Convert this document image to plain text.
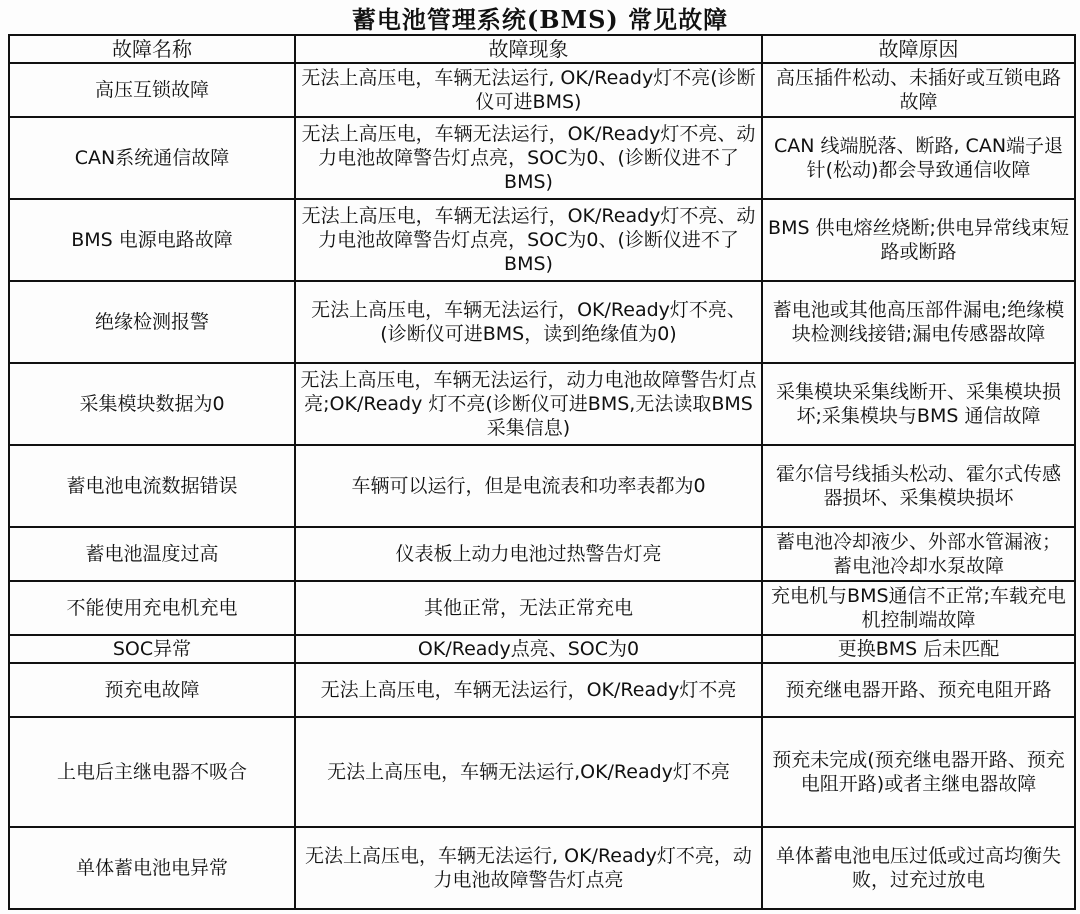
蓄电池管理系统(BMS) 常见故障
故障名称	故障现象	故障原因
高压互锁故障	无法上高压电，车辆无法运行, OK/Ready灯不亮(诊断仪可进BMS)	高压插件松动、未插好或互锁电路故障
CAN系统通信故障	无法上高压电，车辆无法运行，OK/Ready灯不亮、动力电池故障警告灯点亮，SOC为0、(诊断仪进不了BMS)	CAN 线端脱落、断路, CAN端子退针(松动)都会导致通信收障
BMS 电源电路故障	无法上高压电，车辆无法运行，OK/Ready灯不亮、动力电池故障警告灯点亮，SOC为0、(诊断仪进不了BMS)	BMS 供电熔丝烧断;供电异常线束短路或断路
绝缘检测报警	无法上高压电，车辆无法运行，OK/Ready灯不亮、(诊断仪可进BMS，读到绝缘值为0)	蓄电池或其他高压部件漏电;绝缘模块检测线接错;漏电传感器故障
采集模块数据为0	无法上高压电，车辆无法运行，动力电池故障警告灯点亮;OK/Ready 灯不亮(诊断仪可进BMS,无法读取BMS 采集信息)	采集模块采集线断开、采集模块损坏;采集模块与BMS 通信故障
蓄电池电流数据错误	车辆可以运行，但是电流表和功率表都为0	霍尔信号线插头松动、霍尔式传感器损坏、采集模块损坏
蓄电池温度过高	仪表板上动力电池过热警告灯亮	蓄电池冷却液少、外部水管漏液；蓄电池冷却水泵故障
不能使用充电机充电	其他正常，无法正常充电	充电机与BMS通信不正常;车载充电机控制端故障
SOC异常	OK/Ready点亮、SOC为0	更换BMS 后未匹配
预充电故障	无法上高压电，车辆无法运行，OK/Ready灯不亮	预充继电器开路、预充电阻开路
上电后主继电器不吸合	无法上高压电，车辆无法运行,OK/Ready灯不亮	预充未完成(预充继电器开路、预充电阻开路)或者主继电器故障
单体蓄电池电异常	无法上高压电，车辆无法运行, OK/Ready灯不亮，动力电池故障警告灯点亮	单体蓄电池电压过低或过高均衡失败，过充过放电
